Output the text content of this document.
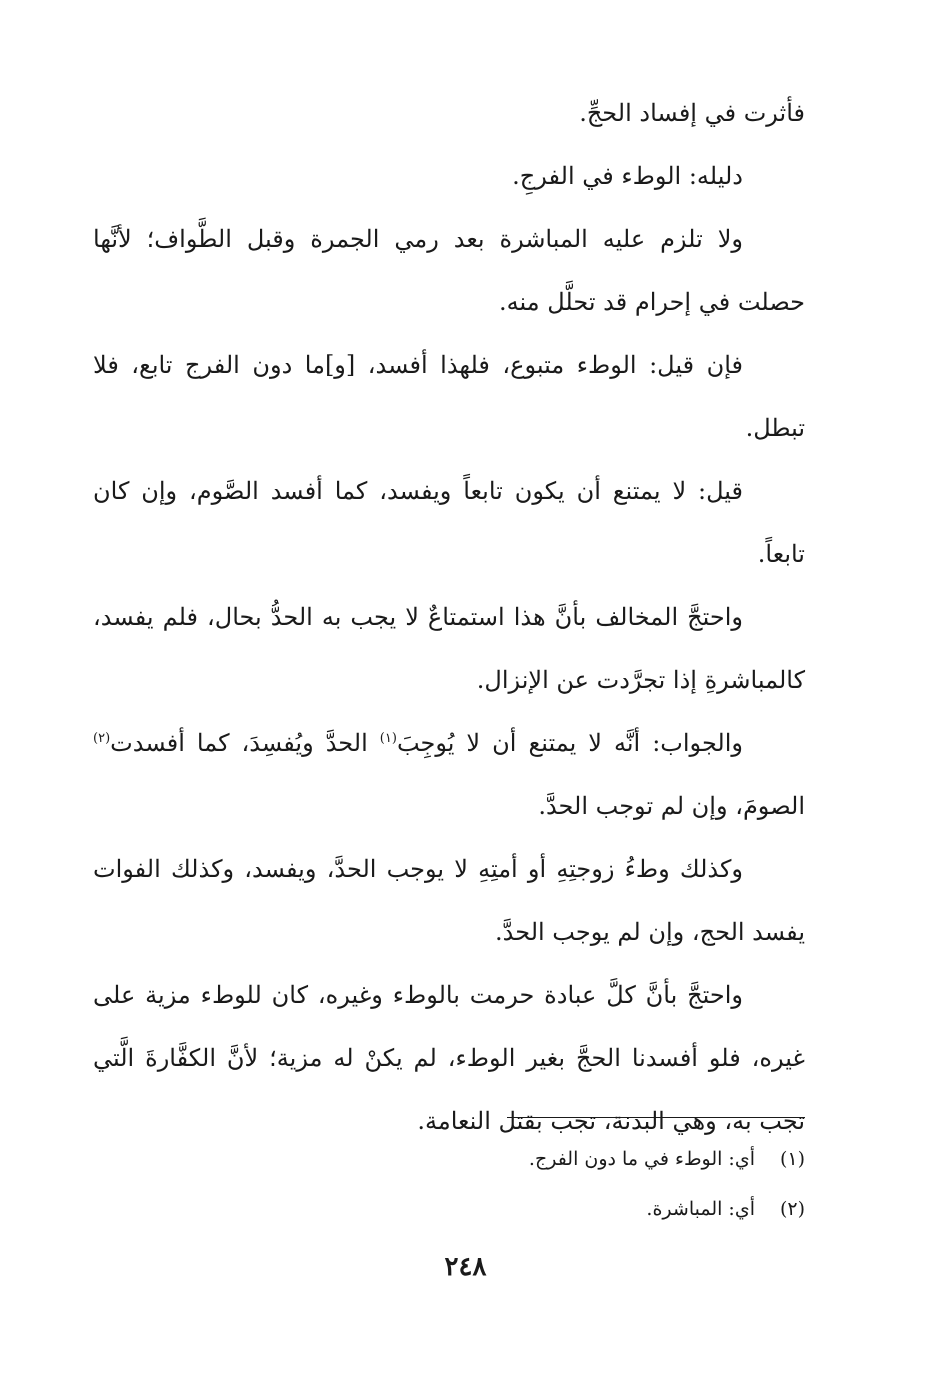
فأثرت في إفساد الحجِّ.

دليله: الوطء في الفرجِ.

ولا تلزم عليه المباشرة بعد رمي الجمرة وقبل الطَّواف؛ لأنَّها حصلت في إحرام قد تحلَّل منه.

فإن قيل: الوطء متبوع، فلهذا أفسد، [و]ما دون الفرج تابع، فلا تبطل.

قيل: لا يمتنع أن يكون تابعاً ويفسد، كما أفسد الصَّوم، وإن كان تابعاً.

واحتجَّ المخالف بأنَّ هذا استمتاعٌ لا يجب به الحدُّ بحال، فلم يفسد، كالمباشرةِ إذا تجرَّدت عن الإنزال.

والجواب: أنَّه لا يمتنع أن لا يُوجِبَ$^{(١)}$ الحدَّ ويُفسِدَ، كما أفسدت$^{(٢)}$ الصومَ، وإن لم توجب الحدَّ.

وكذلك وطءُ زوجتِهِ أو أمتِهِ لا يوجب الحدَّ، ويفسد، وكذلك الفوات يفسد الحج، وإن لم يوجب الحدَّ.

واحتجَّ بأنَّ كلَّ عبادة حرمت بالوطء وغيره، كان للوطء مزية على غيره، فلو أفسدنا الحجَّ بغير الوطء، لم يكنْ له مزية؛ لأنَّ الكفَّارةَ الَّتي تجب به، وهي البدنة، تجب بقتل النعامة.

(١)أي: الوطء في ما دون الفرج.

(٢)أي: المباشرة.

٢٤٨
